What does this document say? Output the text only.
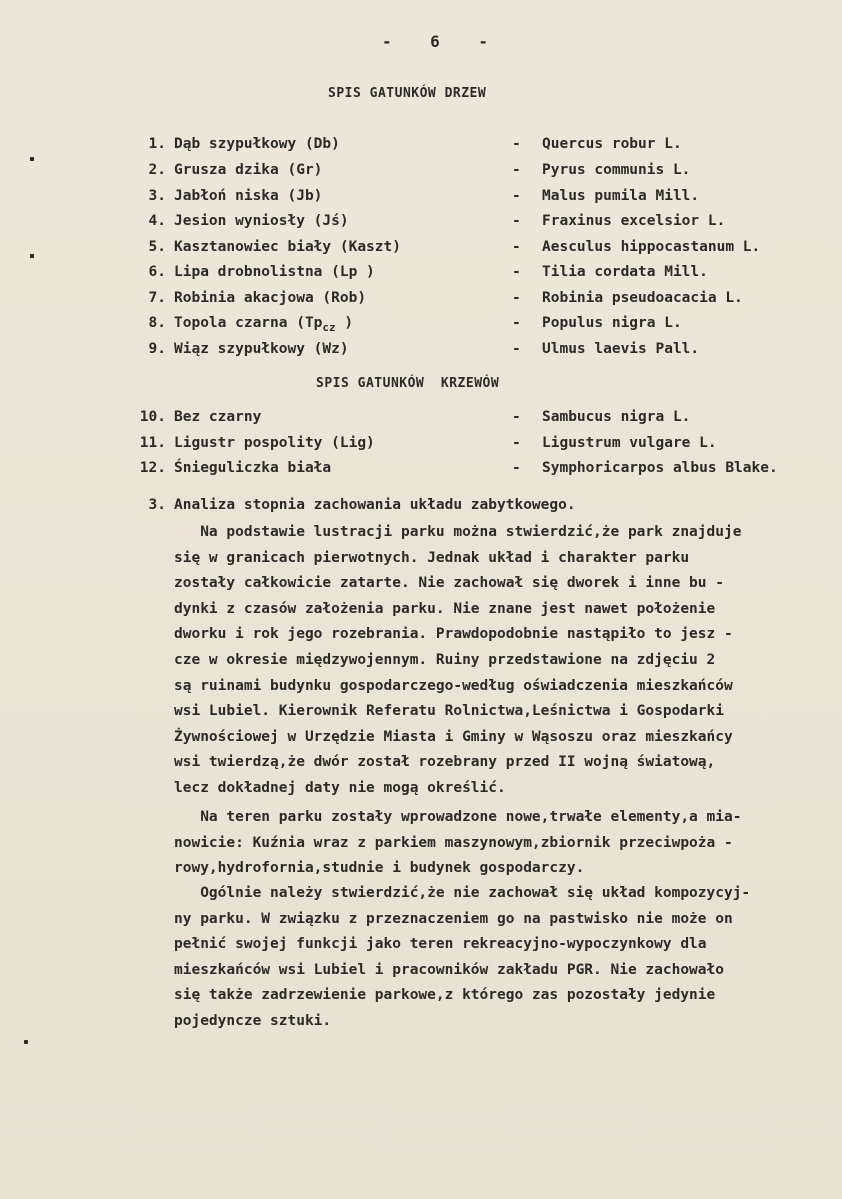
-    6    -
SPIS GATUNKÓW DRZEW
1. Dąb szypułkowy (Db)	- Quercus robur L.
2. Grusza dzika (Gr)	- Pyrus communis L.
3. Jabłoń niska (Jb)	- Malus pumila Mill.
4. Jesion wyniosły (Jś)	- Fraxinus excelsior L.
5. Kasztanowiec biały (Kaszt)	- Aesculus hippocastanum L.
6. Lipa drobnolistna (Lp )	- Tilia cordata Mill.
7. Robinia akacjowa (Rob)	- Robinia pseudoacacia L.
8. Topola czarna ($Tp_{cz}$ )	- Populus nigra L.
9. Wiąz szypułkowy (Wz)	- Ulmus laevis Pall.
SPIS GATUNKÓW  KRZEWÓW
10. Bez czarny	- Sambucus nigra L.
11. Ligustr pospolity (Lig)	- Ligustrum vulgare L.
12. Śnieguliczka biała	- Symphoricarpos albus Blake.
3. Analiza stopnia zachowania układu zabytkowego.
Na podstawie lustracji parku można stwierdzić,że park znajduje
się w granicach pierwotnych. Jednak układ i charakter parku
zostały całkowicie zatarte. Nie zachował się dworek i inne bu -
dynki z czasów założenia parku. Nie znane jest nawet położenie
dworku i rok jego rozebrania. Prawdopodobnie nastąpiło to jesz -
cze w okresie międzywojennym. Ruiny przedstawione na zdjęciu 2
są ruinami budynku gospodarczego-według oświadczenia mieszkańców
wsi Lubiel. Kierownik Referatu Rolnictwa,Leśnictwa i Gospodarki
Żywnościowej w Urzędzie Miasta i Gminy w Wąsoszu oraz mieszkańcy
wsi twierdzą,że dwór został rozebrany przed II wojną światową,
lecz dokładnej daty nie mogą określić.
Na teren parku zostały wprowadzone nowe,trwałe elementy,a mia-
nowicie: Kuźnia wraz z parkiem maszynowym,zbiornik przeciwpoża -
rowy,hydrofornia,studnie i budynek gospodarczy.
Ogólnie należy stwierdzić,że nie zachował się układ kompozycyj-
ny parku. W związku z przeznaczeniem go na pastwisko nie może on
pełnić swojej funkcji jako teren rekreacyjno-wypoczynkowy dla
mieszkańców wsi Lubiel i pracowników zakładu PGR. Nie zachowało
się także zadrzewienie parkowe,z którego zas pozostały jedynie
pojedyncze sztuki.
